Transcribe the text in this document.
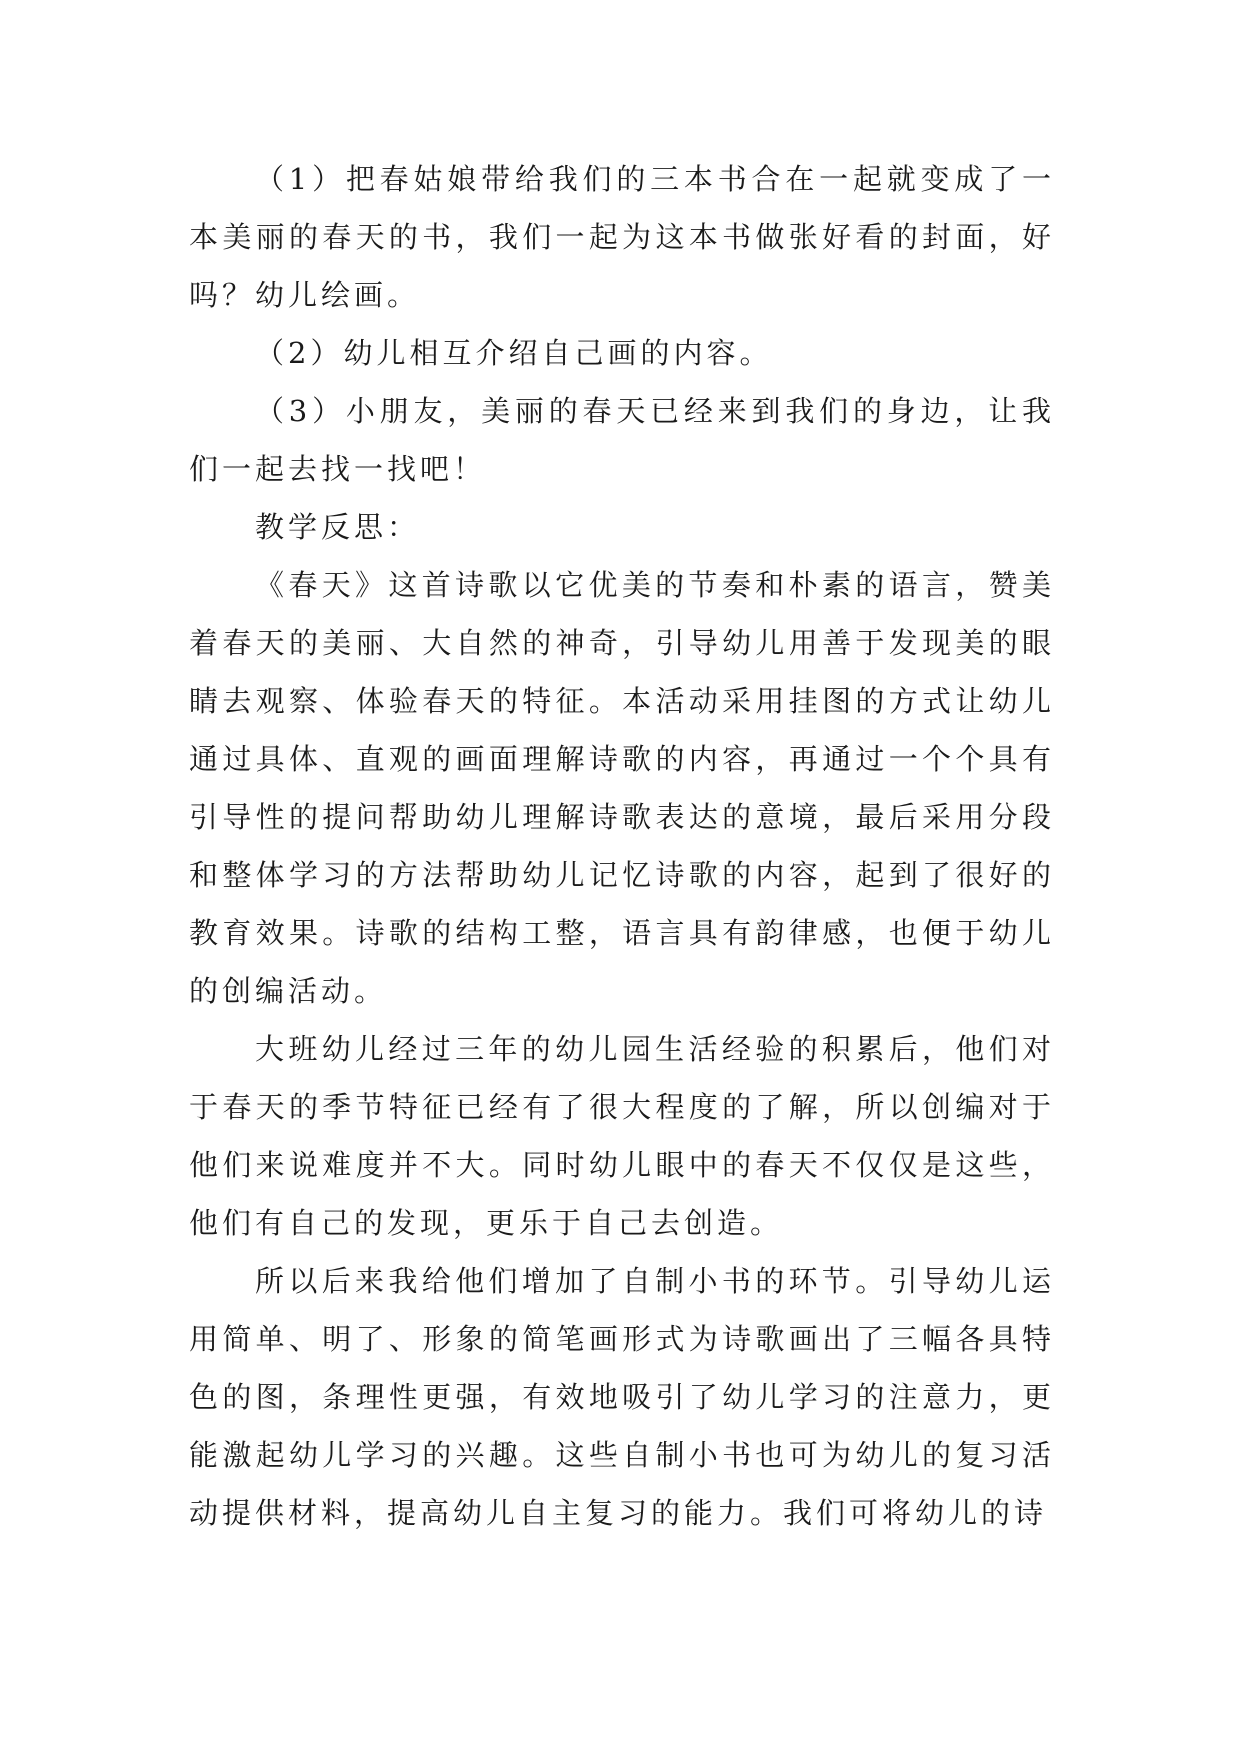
（1）把春姑娘带给我们的三本书合在一起就变成了一本美丽的春天的书，我们一起为这本书做张好看的封面，好吗？幼儿绘画。

（2）幼儿相互介绍自己画的内容。

（3）小朋友，美丽的春天已经来到我们的身边，让我们一起去找一找吧！

教学反思：

《春天》这首诗歌以它优美的节奏和朴素的语言，赞美着春天的美丽、大自然的神奇，引导幼儿用善于发现美的眼睛去观察、体验春天的特征。本活动采用挂图的方式让幼儿通过具体、直观的画面理解诗歌的内容，再通过一个个具有引导性的提问帮助幼儿理解诗歌表达的意境，最后采用分段和整体学习的方法帮助幼儿记忆诗歌的内容，起到了很好的教育效果。诗歌的结构工整，语言具有韵律感，也便于幼儿的创编活动。

大班幼儿经过三年的幼儿园生活经验的积累后，他们对于春天的季节特征已经有了很大程度的了解，所以创编对于他们来说难度并不大。同时幼儿眼中的春天不仅仅是这些，他们有自己的发现，更乐于自己去创造。

所以后来我给他们增加了自制小书的环节。引导幼儿运用简单、明了、形象的简笔画形式为诗歌画出了三幅各具特色的图，条理性更强，有效地吸引了幼儿学习的注意力，更能激起幼儿学习的兴趣。这些自制小书也可为幼儿的复习活动提供材料，提高幼儿自主复习的能力。我们可将幼儿的诗
